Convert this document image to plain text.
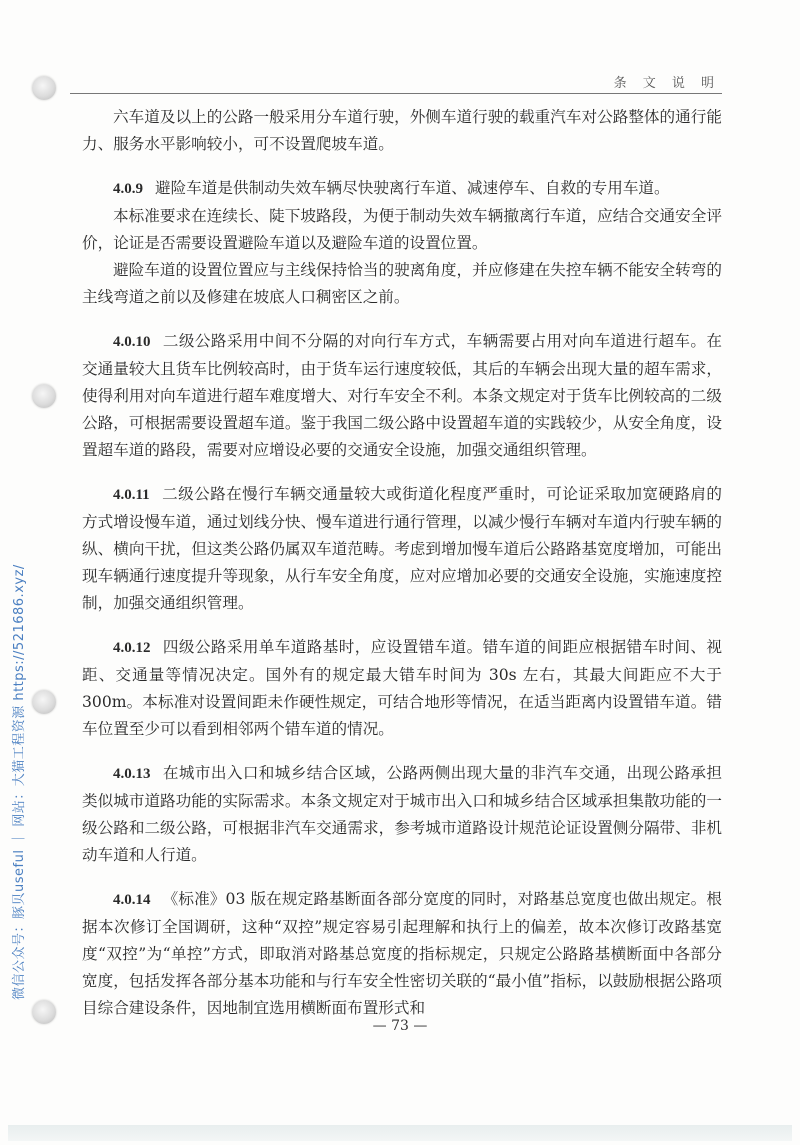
条 文 说 明

六车道及以上的公路一般采用分车道行驶，外侧车道行驶的载重汽车对公路整体的通行能力、服务水平影响较小，可不设置爬坡车道。

4.0.9 避险车道是供制动失效车辆尽快驶离行车道、减速停车、自救的专用车道。

本标准要求在连续长、陡下坡路段，为便于制动失效车辆撤离行车道，应结合交通安全评价，论证是否需要设置避险车道以及避险车道的设置位置。

避险车道的设置位置应与主线保持恰当的驶离角度，并应修建在失控车辆不能安全转弯的主线弯道之前以及修建在坡底人口稠密区之前。

4.0.10 二级公路采用中间不分隔的对向行车方式，车辆需要占用对向车道进行超车。在交通量较大且货车比例较高时，由于货车运行速度较低，其后的车辆会出现大量的超车需求，使得利用对向车道进行超车难度增大、对行车安全不利。本条文规定对于货车比例较高的二级公路，可根据需要设置超车道。鉴于我国二级公路中设置超车道的实践较少，从安全角度，设置超车道的路段，需要对应增设必要的交通安全设施，加强交通组织管理。

4.0.11 二级公路在慢行车辆交通量较大或街道化程度严重时，可论证采取加宽硬路肩的方式增设慢车道，通过划线分快、慢车道进行通行管理，以减少慢行车辆对车道内行驶车辆的纵、横向干扰，但这类公路仍属双车道范畴。考虑到增加慢车道后公路路基宽度增加，可能出现车辆通行速度提升等现象，从行车安全角度，应对应增加必要的交通安全设施，实施速度控制，加强交通组织管理。

4.0.12 四级公路采用单车道路基时，应设置错车道。错车道的间距应根据错车时间、视距、交通量等情况决定。国外有的规定最大错车时间为 30s 左右，其最大间距应不大于 300m。本标准对设置间距未作硬性规定，可结合地形等情况，在适当距离内设置错车道。错车位置至少可以看到相邻两个错车道的情况。

4.0.13 在城市出入口和城乡结合区域，公路两侧出现大量的非汽车交通，出现公路承担类似城市道路功能的实际需求。本条文规定对于城市出入口和城乡结合区域承担集散功能的一级公路和二级公路，可根据非汽车交通需求，参考城市道路设计规范论证设置侧分隔带、非机动车道和人行道。

4.0.14 《标准》03 版在规定路基断面各部分宽度的同时，对路基总宽度也做出规定。根据本次修订全国调研，这种“双控”规定容易引起理解和执行上的偏差，故本次修订改路基宽度“双控”为“单控”方式，即取消对路基总宽度的指标规定，只规定公路路基横断面中各部分宽度，包括发挥各部分基本功能和与行车安全性密切关联的“最小值”指标，以鼓励根据公路项目综合建设条件，因地制宜选用横断面布置形式和

— 73 —
微信公众号：豚贝useful ｜ 网站：大猫工程资源 https://521686.xyz/
